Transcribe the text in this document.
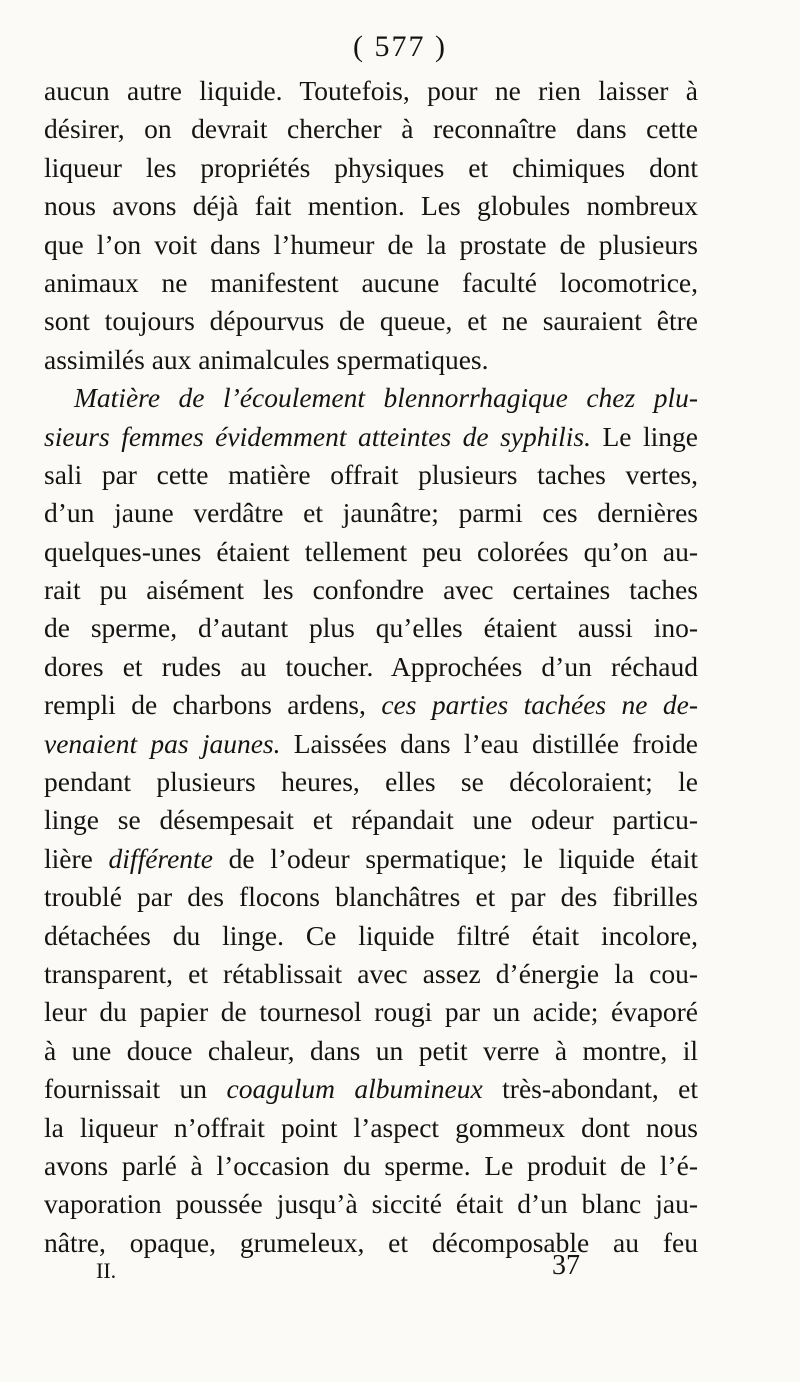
( 577 )
aucun autre liquide. Toutefois, pour ne rien laisser à
désirer, on devrait chercher à reconnaître dans cette
liqueur les propriétés physiques et chimiques dont
nous avons déjà fait mention. Les globules nombreux
que l’on voit dans l’humeur de la prostate de plusieurs
animaux ne manifestent aucune faculté locomotrice,
sont toujours dépourvus de queue, et ne sauraient être
assimilés aux animalcules spermatiques.
Matière de l’écoulement blennorrhagique chez plu-
sieurs femmes évidemment atteintes de syphilis. Le linge
sali par cette matière offrait plusieurs taches vertes,
d’un jaune verdâtre et jaunâtre; parmi ces dernières
quelques-unes étaient tellement peu colorées qu’on au-
rait pu aisément les confondre avec certaines taches
de sperme, d’autant plus qu’elles étaient aussi ino-
dores et rudes au toucher. Approchées d’un réchaud
rempli de charbons ardens, ces parties tachées ne de-
venaient pas jaunes. Laissées dans l’eau distillée froide
pendant plusieurs heures, elles se décoloraient; le
linge se désempesait et répandait une odeur particu-
lière différente de l’odeur spermatique; le liquide était
troublé par des flocons blanchâtres et par des fibrilles
détachées du linge. Ce liquide filtré était incolore,
transparent, et rétablissait avec assez d’énergie la cou-
leur du papier de tournesol rougi par un acide; évaporé
à une douce chaleur, dans un petit verre à montre, il
fournissait un coagulum albumineux très-abondant, et
la liqueur n’offrait point l’aspect gommeux dont nous
avons parlé à l’occasion du sperme. Le produit de l’é-
vaporation poussée jusqu’à siccité était d’un blanc jau-
nâtre, opaque, grumeleux, et décomposable au feu
II.	37
